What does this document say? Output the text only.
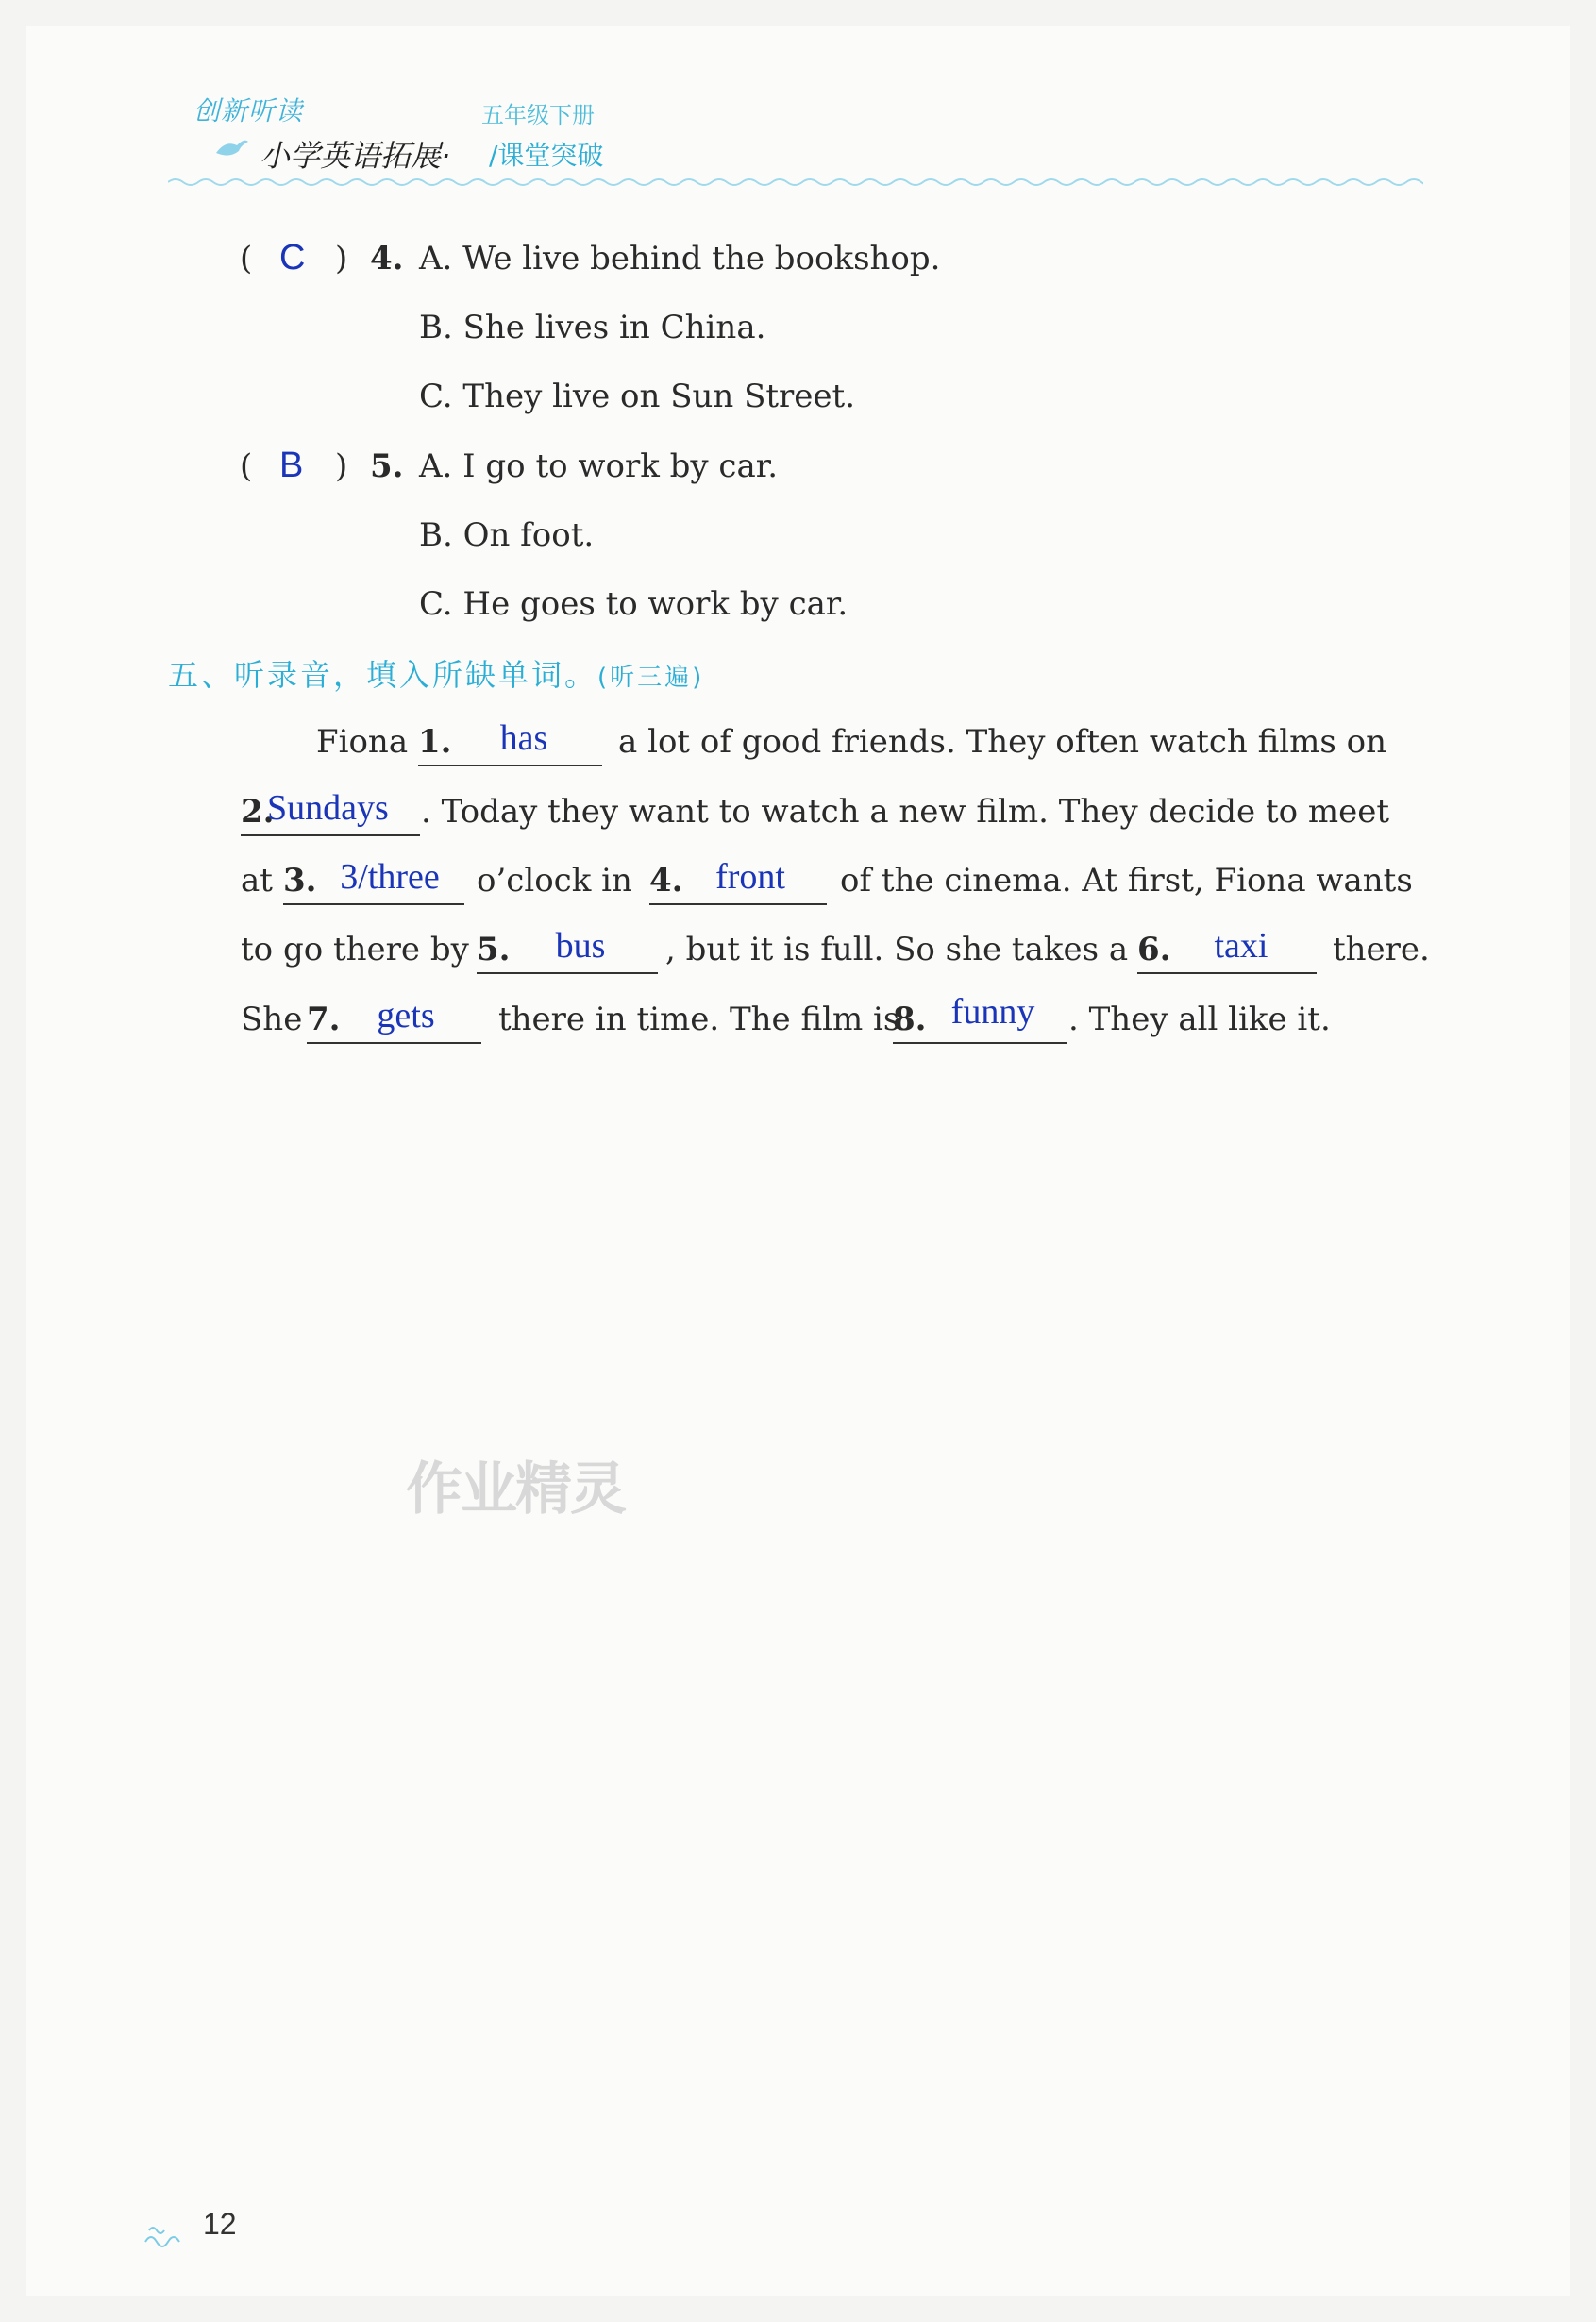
创新听读	五年级下册
小学英语拓展· /课堂突破
( C ) 4. A. We live behind the bookshop.
B. She lives in China.
C. They live on Sun Street.
( B ) 5. A. I go to work by car.
B. On foot.
C. He goes to work by car.
五、听录音，填入所缺单词。(听三遍)
Fiona 1.	has	a lot of good friends. They often watch films on
2.
Sundays	. Today they want to watch a new film. They decide to meet
at 3. 3/three	o’clock in 4. front	of the cinema. At first, Fiona wants
to go there by 5.	bus	, but it is full. So she takes a 6.	taxi	there.
She 7.	gets	there in time. The film is
8. funny	. They all like it.
作业精灵
12
